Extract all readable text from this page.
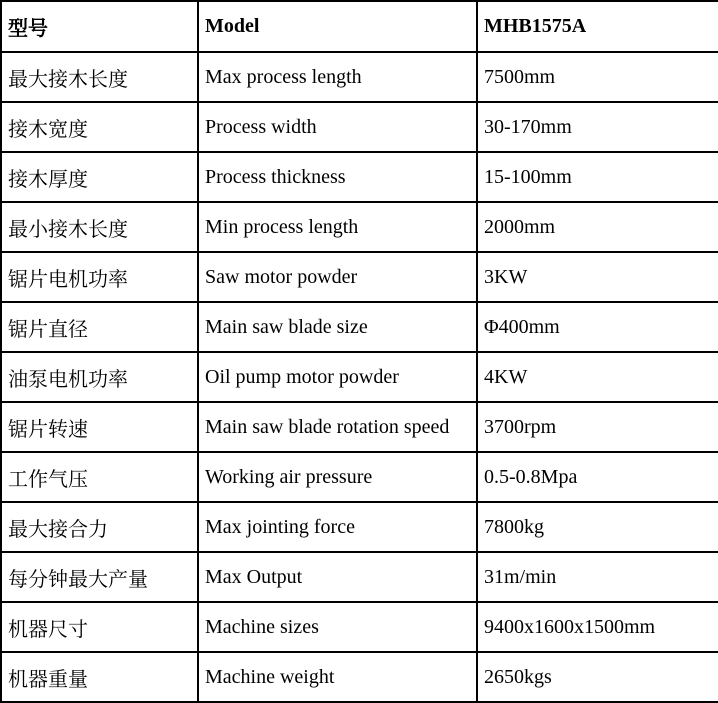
型号	Model	MHB1575A
最大接木长度	Max process length	7500mm
接木宽度	Process width	30-170mm
接木厚度	Process thickness	15-100mm
最小接木长度	Min process length	2000mm
锯片电机功率	Saw motor powder	3KW
锯片直径	Main saw blade size	Φ400mm
油泵电机功率	Oil pump motor powder	4KW
锯片转速	Main saw blade rotation speed	3700rpm
工作气压	Working air pressure	0.5-0.8Mpa
最大接合力	Max jointing force	7800kg
每分钟最大产量	Max Output	31m/min
机器尺寸	Machine sizes	9400x1600x1500mm
机器重量	Machine weight	2650kgs
